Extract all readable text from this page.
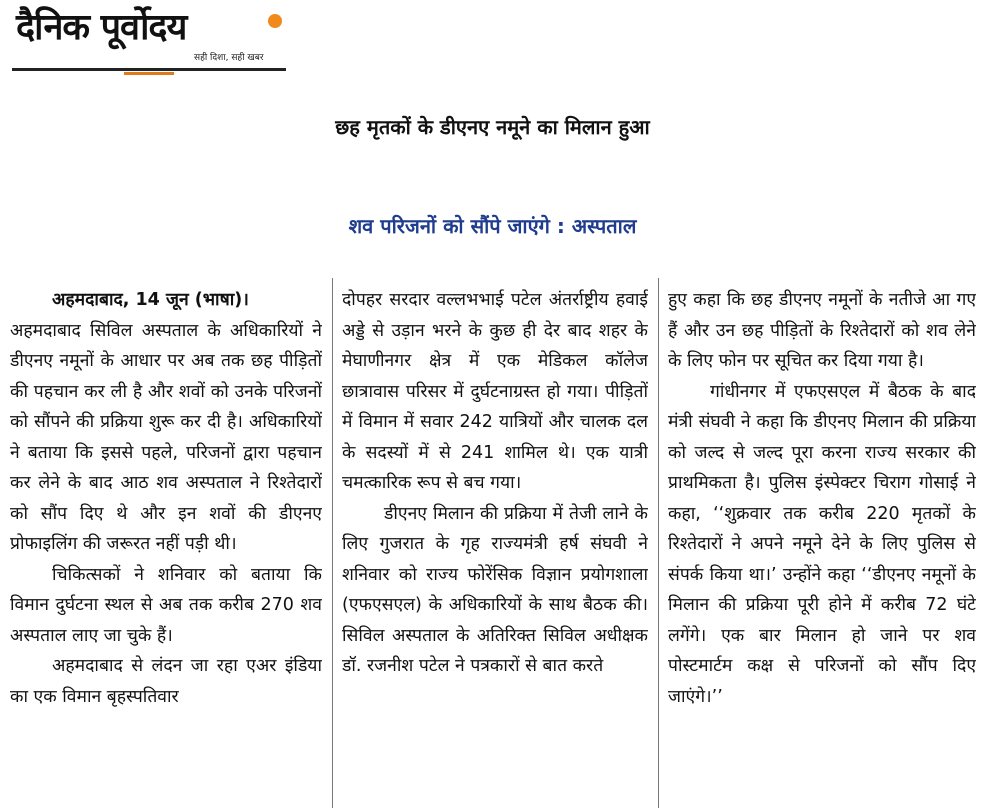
दैनिक पूर्वोदय
सही दिशा, सही खबर
छह मृतकों के डीएनए नमूने का मिलान हुआ
शव परिजनों को सौंपे जाएंगे : अस्पताल

अहमदाबाद, 14 जून (भाषा)।

अहमदाबाद सिविल अस्पताल के अधिकारियों ने डीएनए नमूनों के आधार पर अब तक छह पीड़ितों की पहचान कर ली है और शवों को उनके परिजनों को सौंपने की प्रक्रिया शुरू कर दी है। अधिकारियों ने बताया कि इससे पहले, परिजनों द्वारा पहचान कर लेने के बाद आठ शव अस्पताल ने रिश्तेदारों को सौंप दिए थे और इन शवों की डीएनए प्रोफाइलिंग की जरूरत नहीं पड़ी थी।

चिकित्सकों ने शनिवार को बताया कि विमान दुर्घटना स्थल से अब तक करीब 270 शव अस्पताल लाए जा चुके हैं।

अहमदाबाद से लंदन जा रहा एअर इंडिया का एक विमान बृहस्पतिवार

दोपहर सरदार वल्लभभाई पटेल अंतर्राष्ट्रीय हवाई अड्डे से उड़ान भरने के कुछ ही देर बाद शहर के मेघाणीनगर क्षेत्र में एक मेडिकल कॉलेज छात्रावास परिसर में दुर्घटनाग्रस्त हो गया। पीड़ितों में विमान में सवार 242 यात्रियों और चालक दल के सदस्यों में से 241 शामिल थे। एक यात्री चमत्कारिक रूप से बच गया।

डीएनए मिलान की प्रक्रिया में तेजी लाने के लिए गुजरात के गृह राज्यमंत्री हर्ष संघवी ने शनिवार को राज्य फोरेंसिक विज्ञान प्रयोगशाला (एफएसएल) के अधिकारियों के साथ बैठक की। सिविल अस्पताल के अतिरिक्त सिविल अधीक्षक डॉ. रजनीश पटेल ने पत्रकारों से बात करते

हुए कहा कि छह डीएनए नमूनों के नतीजे आ गए हैं और उन छह पीड़ितों के रिश्तेदारों को शव लेने के लिए फोन पर सूचित कर दिया गया है।

गांधीनगर में एफएसएल में बैठक के बाद मंत्री संघवी ने कहा कि डीएनए मिलान की प्रक्रिया को जल्द से जल्द पूरा करना राज्य सरकार की प्राथमिकता है। पुलिस इंस्पेक्टर चिराग गोसाई ने कहा, ‘‘शुक्रवार तक करीब 220 मृतकों के रिश्तेदारों ने अपने नमूने देने के लिए पुलिस से संपर्क किया था।’ उन्होंने कहा ‘‘डीएनए नमूनों के मिलान की प्रक्रिया पूरी होने में करीब 72 घंटे लगेंगे। एक बार मिलान हो जाने पर शव पोस्टमार्टम कक्ष से परिजनों को सौंप दिए जाएंगे।’’
